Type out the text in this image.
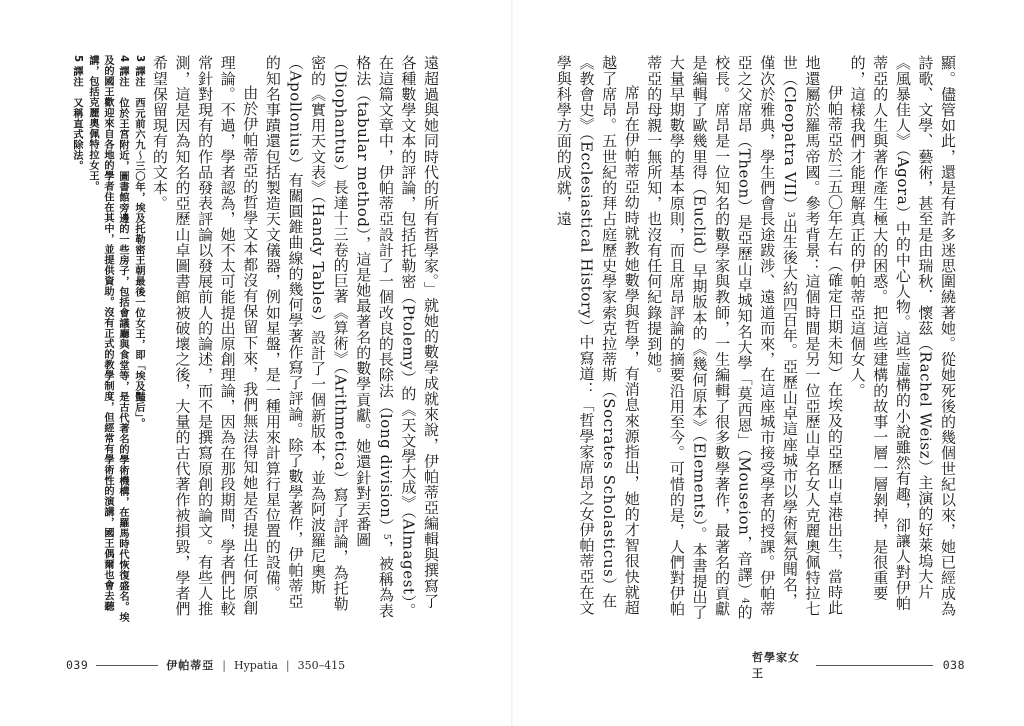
顯。儘管如此，還是有許多迷思圍繞著她。從她死後的幾個世紀以來，她已經成為詩歌、文學、藝術，甚至是由瑞秋．懷茲（Rachel Weisz）主演的好萊塢大片《風暴佳人》（Agora）中的中心人物。這些虛構的小說雖然有趣，卻讓人對伊帕蒂亞的人生與著作產生極大的困惑。把這些建構的故事一層一層剝掉，是很重要的，這樣我們才能理解真正的伊帕蒂亞這個女人。

伊帕蒂亞於三五〇年左右（確定日期未知）在埃及的亞歷山卓港出生，當時此地還屬於羅馬帝國。參考背景：這個時間是另一位亞歷山卓名女人克麗奧佩特拉七世（Cleopatra VII）3出生後大約四百年。亞歷山卓這座城市以學術氣氛聞名，僅次於雅典，學生們會長途跋涉、遠道而來，在這座城市接受學者的授課。伊帕蒂亞之父席昂（Theon）是亞歷山卓城知名大學「莫西恩」（Mouseion，音譯）4的校長。席昂是一位知名的數學家與教師，一生編輯了很多數學著作，最著名的貢獻是編輯了歐幾里得（Euclid）早期版本的《幾何原本》（Elements）。本書提出了大量早期數學的基本原則，而且席昂評論的摘要沿用至今。可惜的是，人們對伊帕蒂亞的母親一無所知，也沒有任何紀錄提到她。

席昂在伊帕蒂亞幼時就教她數學與哲學，有消息來源指出，她的才智很快就超越了席昂。五世紀的拜占庭歷史學家索克拉蒂斯（Socrates Scholasticus）在《教會史》（Ecclesiastical History）中寫道：「哲學家席昂之女伊帕蒂亞在文學與科學方面的成就，遠

遠超過與她同時代的所有哲學家。」就她的數學成就來說，伊帕蒂亞編輯與撰寫了各種數學文本的評論，包括托勒密（Ptolemy）的《天文學大成》（Almagest）。在這篇文章中，伊帕蒂亞設計了一個改良的長除法（long division）5，被稱為表格法（tabular method），這是她最著名的數學貢獻。她還針對丟番圖（Diophantus）長達十三卷的巨著《算術》（Arithmetica）寫了評論，為托勒密的《實用天文表》（Handy Tables）設計了一個新版本，並為阿波羅尼奧斯（Apollonius）有關圓錐曲線的幾何學著作寫了評論。除了數學著作，伊帕蒂亞的知名事蹟還包括製造天文儀器，例如星盤，是一種用來計算行星位置的設備。

由於伊帕蒂亞的哲學文本都沒有保留下來，我們無法得知她是否提出任何原創理論。不過，學者認為，她不太可能提出原創理論，因為在那段期間，學者們比較常針對現有的作品發表評論以發展前人的論述，而不是撰寫原創的論文。有些人推測，這是因為知名的亞歷山卓圖書館被破壞之後，大量的古代著作被損毀，學者們希望保留現有的文本。

3 譯注　西元前六九～三〇年，埃及托勒密王朝最後一位女王，即「埃及豔后」。
4 譯注　位於王宮附近，圖書館旁邊的一些房子，包括會議廳與食堂等，是古代著名的學術機構，在羅馬時代恢復盛名。埃及的國王歡迎來自各地的學者住在其中，並提供資助。沒有正式的教學制度，但經常有學術性的演講，國王偶爾也會去聽講，包括克麗奧佩特拉女王。
5 譯注　又稱直式除法。
039	伊帕蒂亞 | Hypatia | 350–415
哲學家女王
038
